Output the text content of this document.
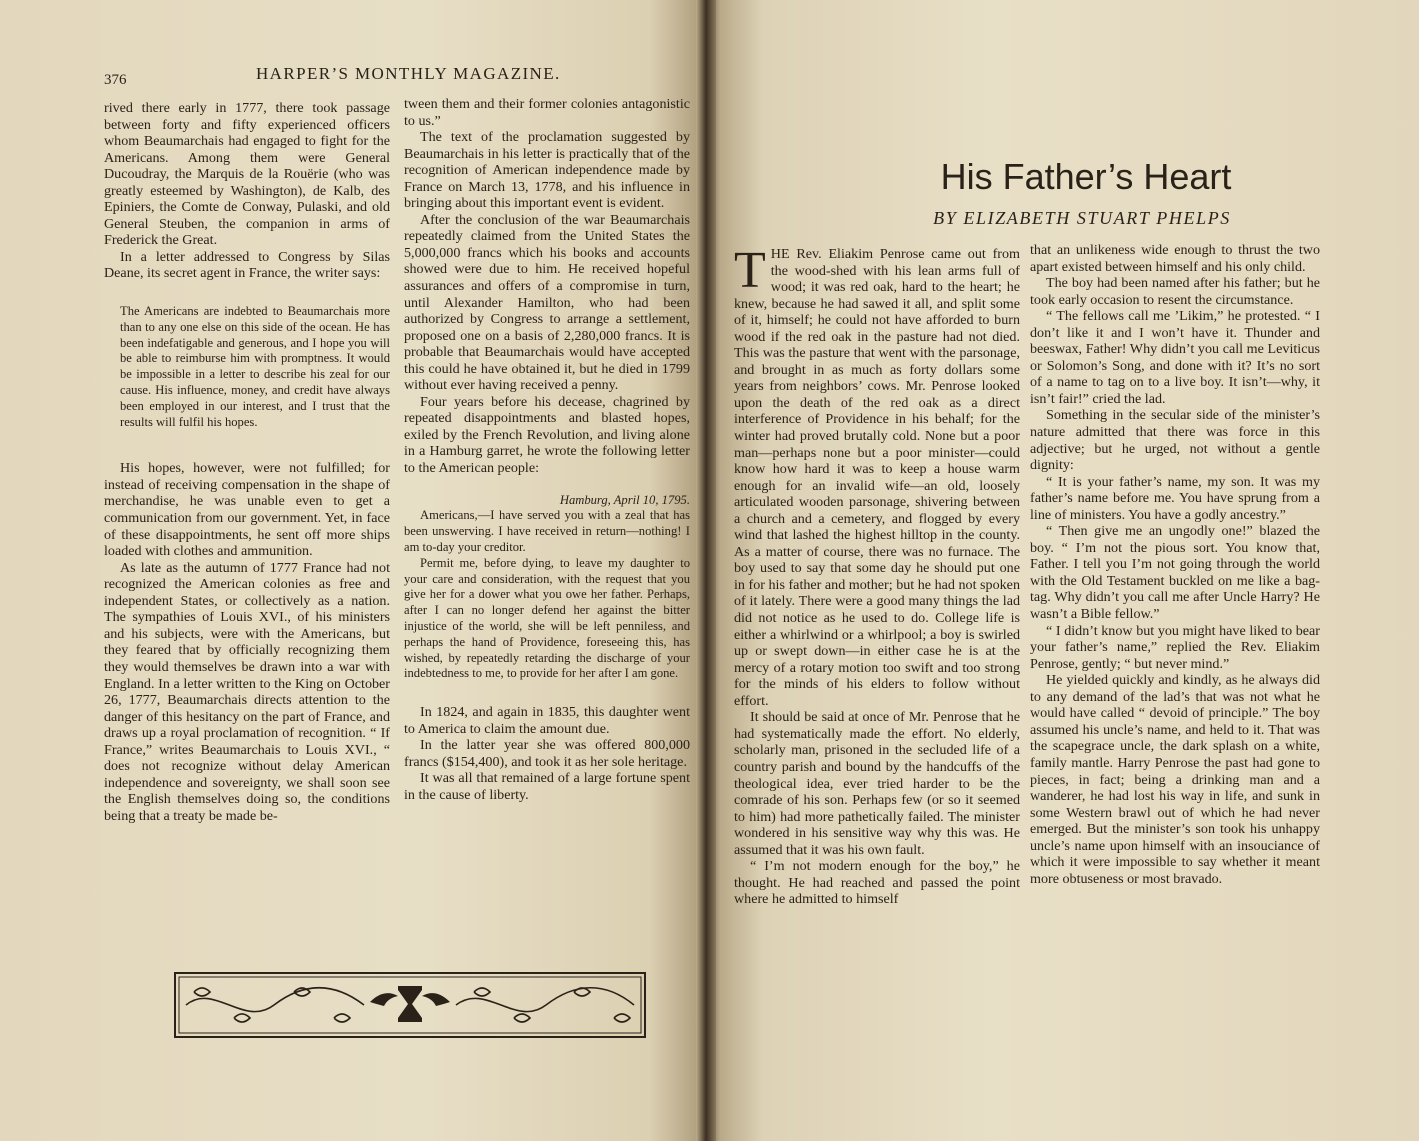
376	HARPER’S MONTHLY MAGAZINE.

rived there early in 1777, there took passage between forty and fifty experienced officers whom Beaumarchais had engaged to fight for the Americans. Among them were General Ducoudray, the Marquis de la Rouërie (who was greatly esteemed by Washington), de Kalb, des Epiniers, the Comte de Conway, Pulaski, and old General Steuben, the companion in arms of Frederick the Great.

In a letter addressed to Congress by Silas Deane, its secret agent in France, the writer says:

The Americans are indebted to Beaumarchais more than to any one else on this side of the ocean. He has been indefatigable and generous, and I hope you will be able to reimburse him with promptness. It would be impossible in a letter to describe his zeal for our cause. His influence, money, and credit have always been employed in our interest, and I trust that the results will fulfil his hopes.

His hopes, however, were not fulfilled; for instead of receiving compensation in the shape of merchandise, he was unable even to get a communication from our government. Yet, in face of these disappointments, he sent off more ships loaded with clothes and ammunition.

As late as the autumn of 1777 France had not recognized the American colonies as free and independent States, or collectively as a nation. The sympathies of Louis XVI., of his ministers and his subjects, were with the Americans, but they feared that by officially recognizing them they would themselves be drawn into a war with England. In a letter written to the King on October 26, 1777, Beaumarchais directs attention to the danger of this hesitancy on the part of France, and draws up a royal proclamation of recognition. “ If France,” writes Beaumarchais to Louis XVI., “ does not recognize without delay American independence and sovereignty, we shall soon see the English themselves doing so, the conditions being that a treaty be made be-

tween them and their former colonies antagonistic to us.”

The text of the proclamation suggested by Beaumarchais in his letter is practically that of the recognition of American independence made by France on March 13, 1778, and his influence in bringing about this important event is evident.

After the conclusion of the war Beaumarchais repeatedly claimed from the United States the 5,000,000 francs which his books and accounts showed were due to him. He received hopeful assurances and offers of a compromise in turn, until Alexander Hamilton, who had been authorized by Congress to arrange a settlement, proposed one on a basis of 2,280,000 francs. It is probable that Beaumarchais would have accepted this could he have obtained it, but he died in 1799 without ever having received a penny.

Four years before his decease, chagrined by repeated disappointments and blasted hopes, exiled by the French Revolution, and living alone in a Hamburg garret, he wrote the following letter to the American people:

Hamburg, April 10, 1795.

Americans,—I have served you with a zeal that has been unswerving. I have received in return—nothing! I am to-day your creditor.

Permit me, before dying, to leave my daughter to your care and consideration, with the request that you give her for a dower what you owe her father. Perhaps, after I can no longer defend her against the bitter injustice of the world, she will be left penniless, and perhaps the hand of Providence, foreseeing this, has wished, by repeatedly retarding the discharge of your indebtedness to me, to provide for her after I am gone.

In 1824, and again in 1835, this daughter went to America to claim the amount due.

In the latter year she was offered 800,000 francs ($154,400), and took it as her sole heritage.

It was all that remained of a large fortune spent in the cause of liberty.

His Father’s Heart
BY ELIZABETH STUART PHELPS

THE Rev. Eliakim Penrose came out from the wood-shed with his lean arms full of wood; it was red oak, hard to the heart; he knew, because he had sawed it all, and split some of it, himself; he could not have afforded to burn wood if the red oak in the pasture had not died. This was the pasture that went with the parsonage, and brought in as much as forty dollars some years from neighbors’ cows. Mr. Penrose looked upon the death of the red oak as a direct interference of Providence in his behalf; for the winter had proved brutally cold. None but a poor man—perhaps none but a poor minister—could know how hard it was to keep a house warm enough for an invalid wife—an old, loosely articulated wooden parsonage, shivering between a church and a cemetery, and flogged by every wind that lashed the highest hilltop in the county. As a matter of course, there was no furnace. The boy used to say that some day he should put one in for his father and mother; but he had not spoken of it lately. There were a good many things the lad did not notice as he used to do. College life is either a whirlwind or a whirlpool; a boy is swirled up or swept down—in either case he is at the mercy of a rotary motion too swift and too strong for the minds of his elders to follow without effort.

It should be said at once of Mr. Penrose that he had systematically made the effort. No elderly, scholarly man, prisoned in the secluded life of a country parish and bound by the handcuffs of the theological idea, ever tried harder to be the comrade of his son. Perhaps few (or so it seemed to him) had more pathetically failed. The minister wondered in his sensitive way why this was. He assumed that it was his own fault.

“ I’m not modern enough for the boy,” he thought. He had reached and passed the point where he admitted to himself

that an unlikeness wide enough to thrust the two apart existed between himself and his only child.

The boy had been named after his father; but he took early occasion to resent the circumstance.

“ The fellows call me ’Likim,” he protested. “ I don’t like it and I won’t have it. Thunder and beeswax, Father! Why didn’t you call me Leviticus or Solomon’s Song, and done with it? It’s no sort of a name to tag on to a live boy. It isn’t—why, it isn’t fair!” cried the lad.

Something in the secular side of the minister’s nature admitted that there was force in this adjective; but he urged, not without a gentle dignity:

“ It is your father’s name, my son. It was my father’s name before me. You have sprung from a line of ministers. You have a godly ancestry.”

“ Then give me an ungodly one!” blazed the boy. “ I’m not the pious sort. You know that, Father. I tell you I’m not going through the world with the Old Testament buckled on me like a bag-tag. Why didn’t you call me after Uncle Harry? He wasn’t a Bible fellow.”

“ I didn’t know but you might have liked to bear your father’s name,” replied the Rev. Eliakim Penrose, gently; “ but never mind.”

He yielded quickly and kindly, as he always did to any demand of the lad’s that was not what he would have called “ devoid of principle.” The boy assumed his uncle’s name, and held to it. That was the scapegrace uncle, the dark splash on a white, family mantle. Harry Penrose the past had gone to pieces, in fact; being a drinking man and a wanderer, he had lost his way in life, and sunk in some Western brawl out of which he had never emerged. But the minister’s son took his unhappy uncle’s name upon himself with an insouciance of which it were impossible to say whether it meant more obtuseness or most bravado.
